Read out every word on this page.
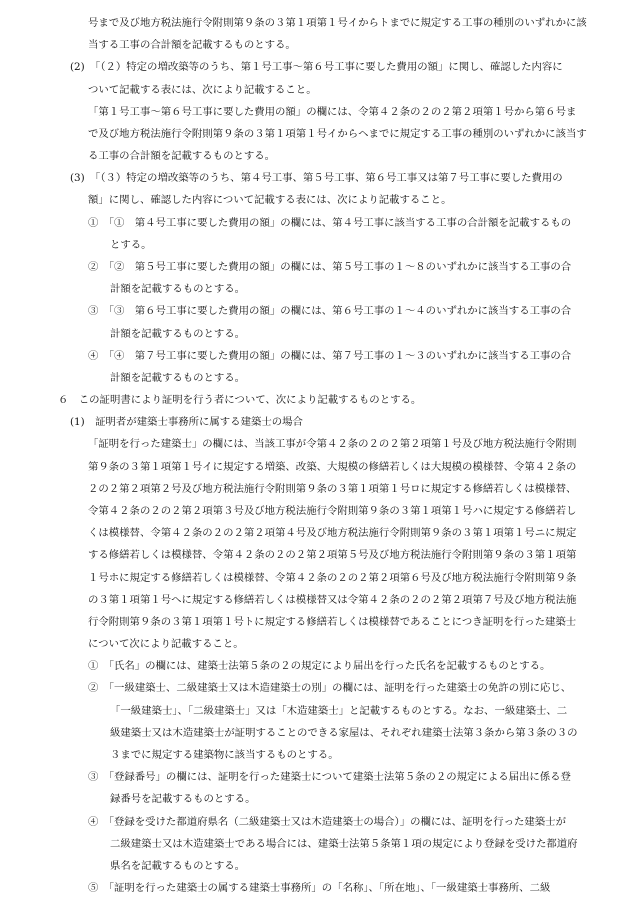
号まで及び地方税法施行令附則第９条の３第１項第１号イからトまでに規定する工事の種別のいずれかに該
当する工事の合計額を記載するものとする。
(2)　「（２）特定の増改築等のうち、第１号工事～第６号工事に要した費用の額」に関し、確認した内容に
ついて記載する表には、次により記載すること。
「第１号工事～第６号工事に要した費用の額」の欄には、令第４２条の２の２第２項第１号から第６号ま
で及び地方税法施行令附則第９条の３第１項第１号イからヘまでに規定する工事の種別のいずれかに該当す
る工事の合計額を記載するものとする。
(3)　「（３）特定の増改築等のうち、第４号工事、第５号工事、第６号工事又は第７号工事に要した費用の
額」に関し、確認した内容について記載する表には、次により記載すること。
①　「①　第４号工事に要した費用の額」の欄には、第４号工事に該当する工事の合計額を記載するもの
とする。
②　「②　第５号工事に要した費用の額」の欄には、第５号工事の１～８のいずれかに該当する工事の合
計額を記載するものとする。
③　「③　第６号工事に要した費用の額」の欄には、第６号工事の１～４のいずれかに該当する工事の合
計額を記載するものとする。
④　「④　第７号工事に要した費用の額」の欄には、第７号工事の１～３のいずれかに該当する工事の合
計額を記載するものとする。
６　この証明書により証明を行う者について、次により記載するものとする。
(1)　証明者が建築士事務所に属する建築士の場合
「証明を行った建築士」の欄には、当該工事が令第４２条の２の２第２項第１号及び地方税法施行令附則
第９条の３第１項第１号イに規定する増築、改築、大規模の修繕若しくは大規模の模様替、令第４２条の
２の２第２項第２号及び地方税法施行令附則第９条の３第１項第１号ロに規定する修繕若しくは模様替、
令第４２条の２の２第２項第３号及び地方税法施行令附則第９条の３第１項第１号ハに規定する修繕若し
くは模様替、令第４２条の２の２第２項第４号及び地方税法施行令附則第９条の３第１項第１号ニに規定
する修繕若しくは模様替、令第４２条の２の２第２項第５号及び地方税法施行令附則第９条の３第１項第
１号ホに規定する修繕若しくは模様替、令第４２条の２の２第２項第６号及び地方税法施行令附則第９条
の３第１項第１号へに規定する修繕若しくは模様替又は令第４２条の２の２第２項第７号及び地方税法施
行令附則第９条の３第１項第１号トに規定する修繕若しくは模様替であることにつき証明を行った建築士
について次により記載すること。
①　「氏名」の欄には、建築士法第５条の２の規定により届出を行った氏名を記載するものとする。
②　「一級建築士、二級建築士又は木造建築士の別」の欄には、証明を行った建築士の免許の別に応じ、
「一級建築士」、「二級建築士」又は「木造建築士」と記載するものとする。なお、一級建築士、二
級建築士又は木造建築士が証明することのできる家屋は、それぞれ建築士法第３条から第３条の３の
３までに規定する建築物に該当するものとする。
③　「登録番号」の欄には、証明を行った建築士について建築士法第５条の２の規定による届出に係る登
録番号を記載するものとする。
④　「登録を受けた都道府県名（二級建築士又は木造建築士の場合）」の欄には、証明を行った建築士が
二級建築士又は木造建築士である場合には、建築士法第５条第１項の規定により登録を受けた都道府
県名を記載するものとする。
⑤　「証明を行った建築士の属する建築士事務所」の「名称」、「所在地」、「一級建築士事務所、二級
